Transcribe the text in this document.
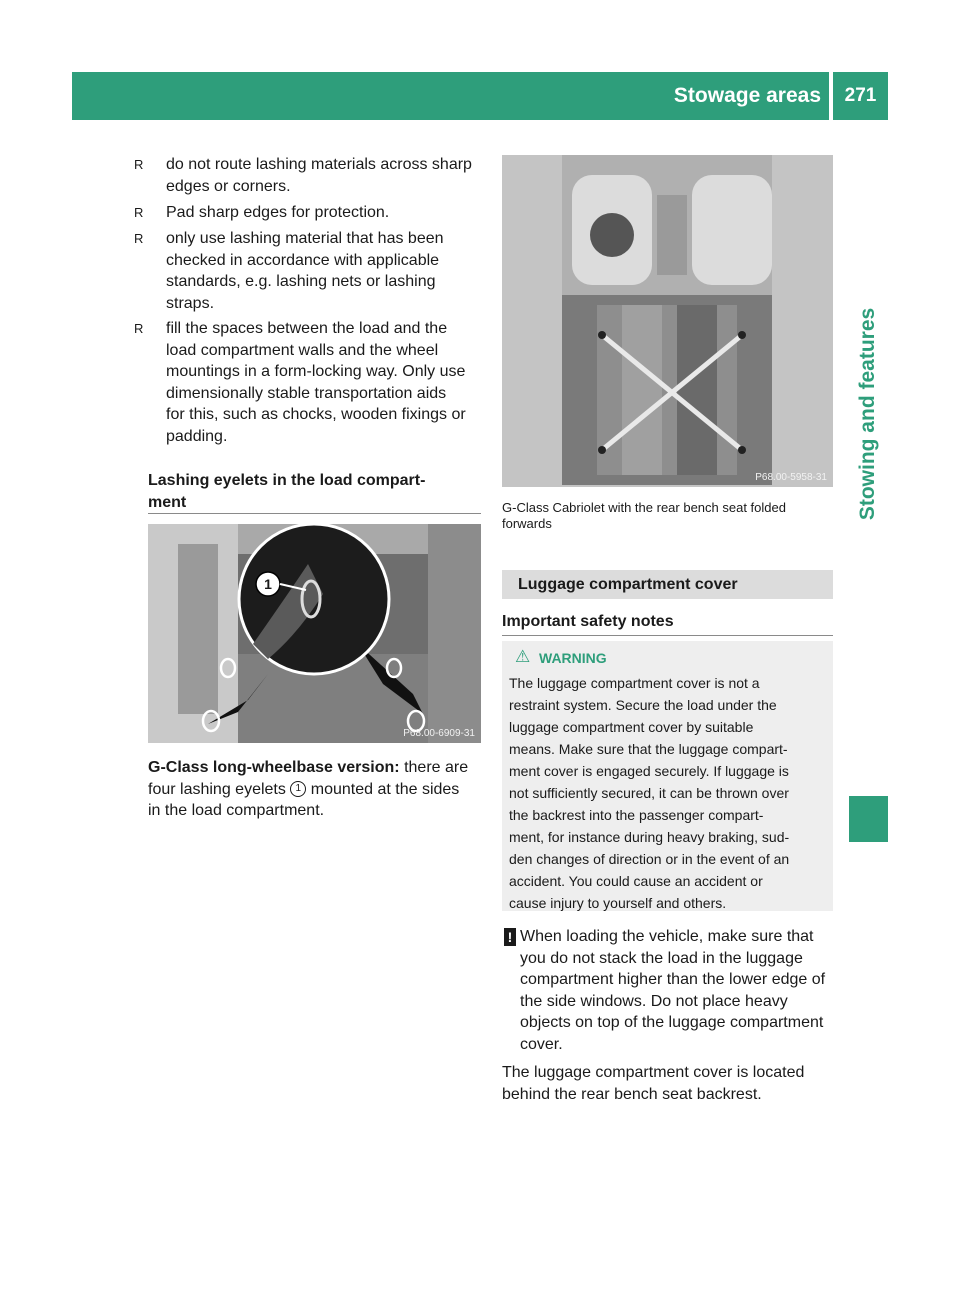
Stowage areas	271
Stowing and features
R	do not route lashing materials across sharp
edges or corners.

R	Pad sharp edges for protection.

R	only use lashing material that has been
checked in accordance with applicable
standards, e.g. lashing nets or lashing
straps.

R	fill the spaces between the load and the
load compartment walls and the wheel
mountings in a form-locking way. Only use
dimensionally stable transportation aids
for this, such as chocks, wooden fixings or
padding.

Lashing eyelets in the load compart-
ment
1
P68.00-6909-31
G-Class long-wheelbase version: there are
four lashing eyelets 1 mounted at the sides
in the load compartment.
P68.00-5958-31
G-Class Cabriolet with the rear bench seat folded
forwards
Luggage compartment cover
Important safety notes
⚠ WARNING

The luggage compartment cover is not a

restraint system. Secure the load under the

luggage compartment cover by suitable

means. Make sure that the luggage compart-

ment cover is engaged securely. If luggage is

not sufficiently secured, it can be thrown over

the backrest into the passenger compart-

ment, for instance during heavy braking, sud-

den changes of direction or in the event of an

accident. You could cause an accident or

cause injury to yourself and others.

! When loading the vehicle, make sure that
you do not stack the load in the luggage
compartment higher than the lower edge of
the side windows. Do not place heavy
objects on top of the luggage compartment
cover.
The luggage compartment cover is located
behind the rear bench seat backrest.
